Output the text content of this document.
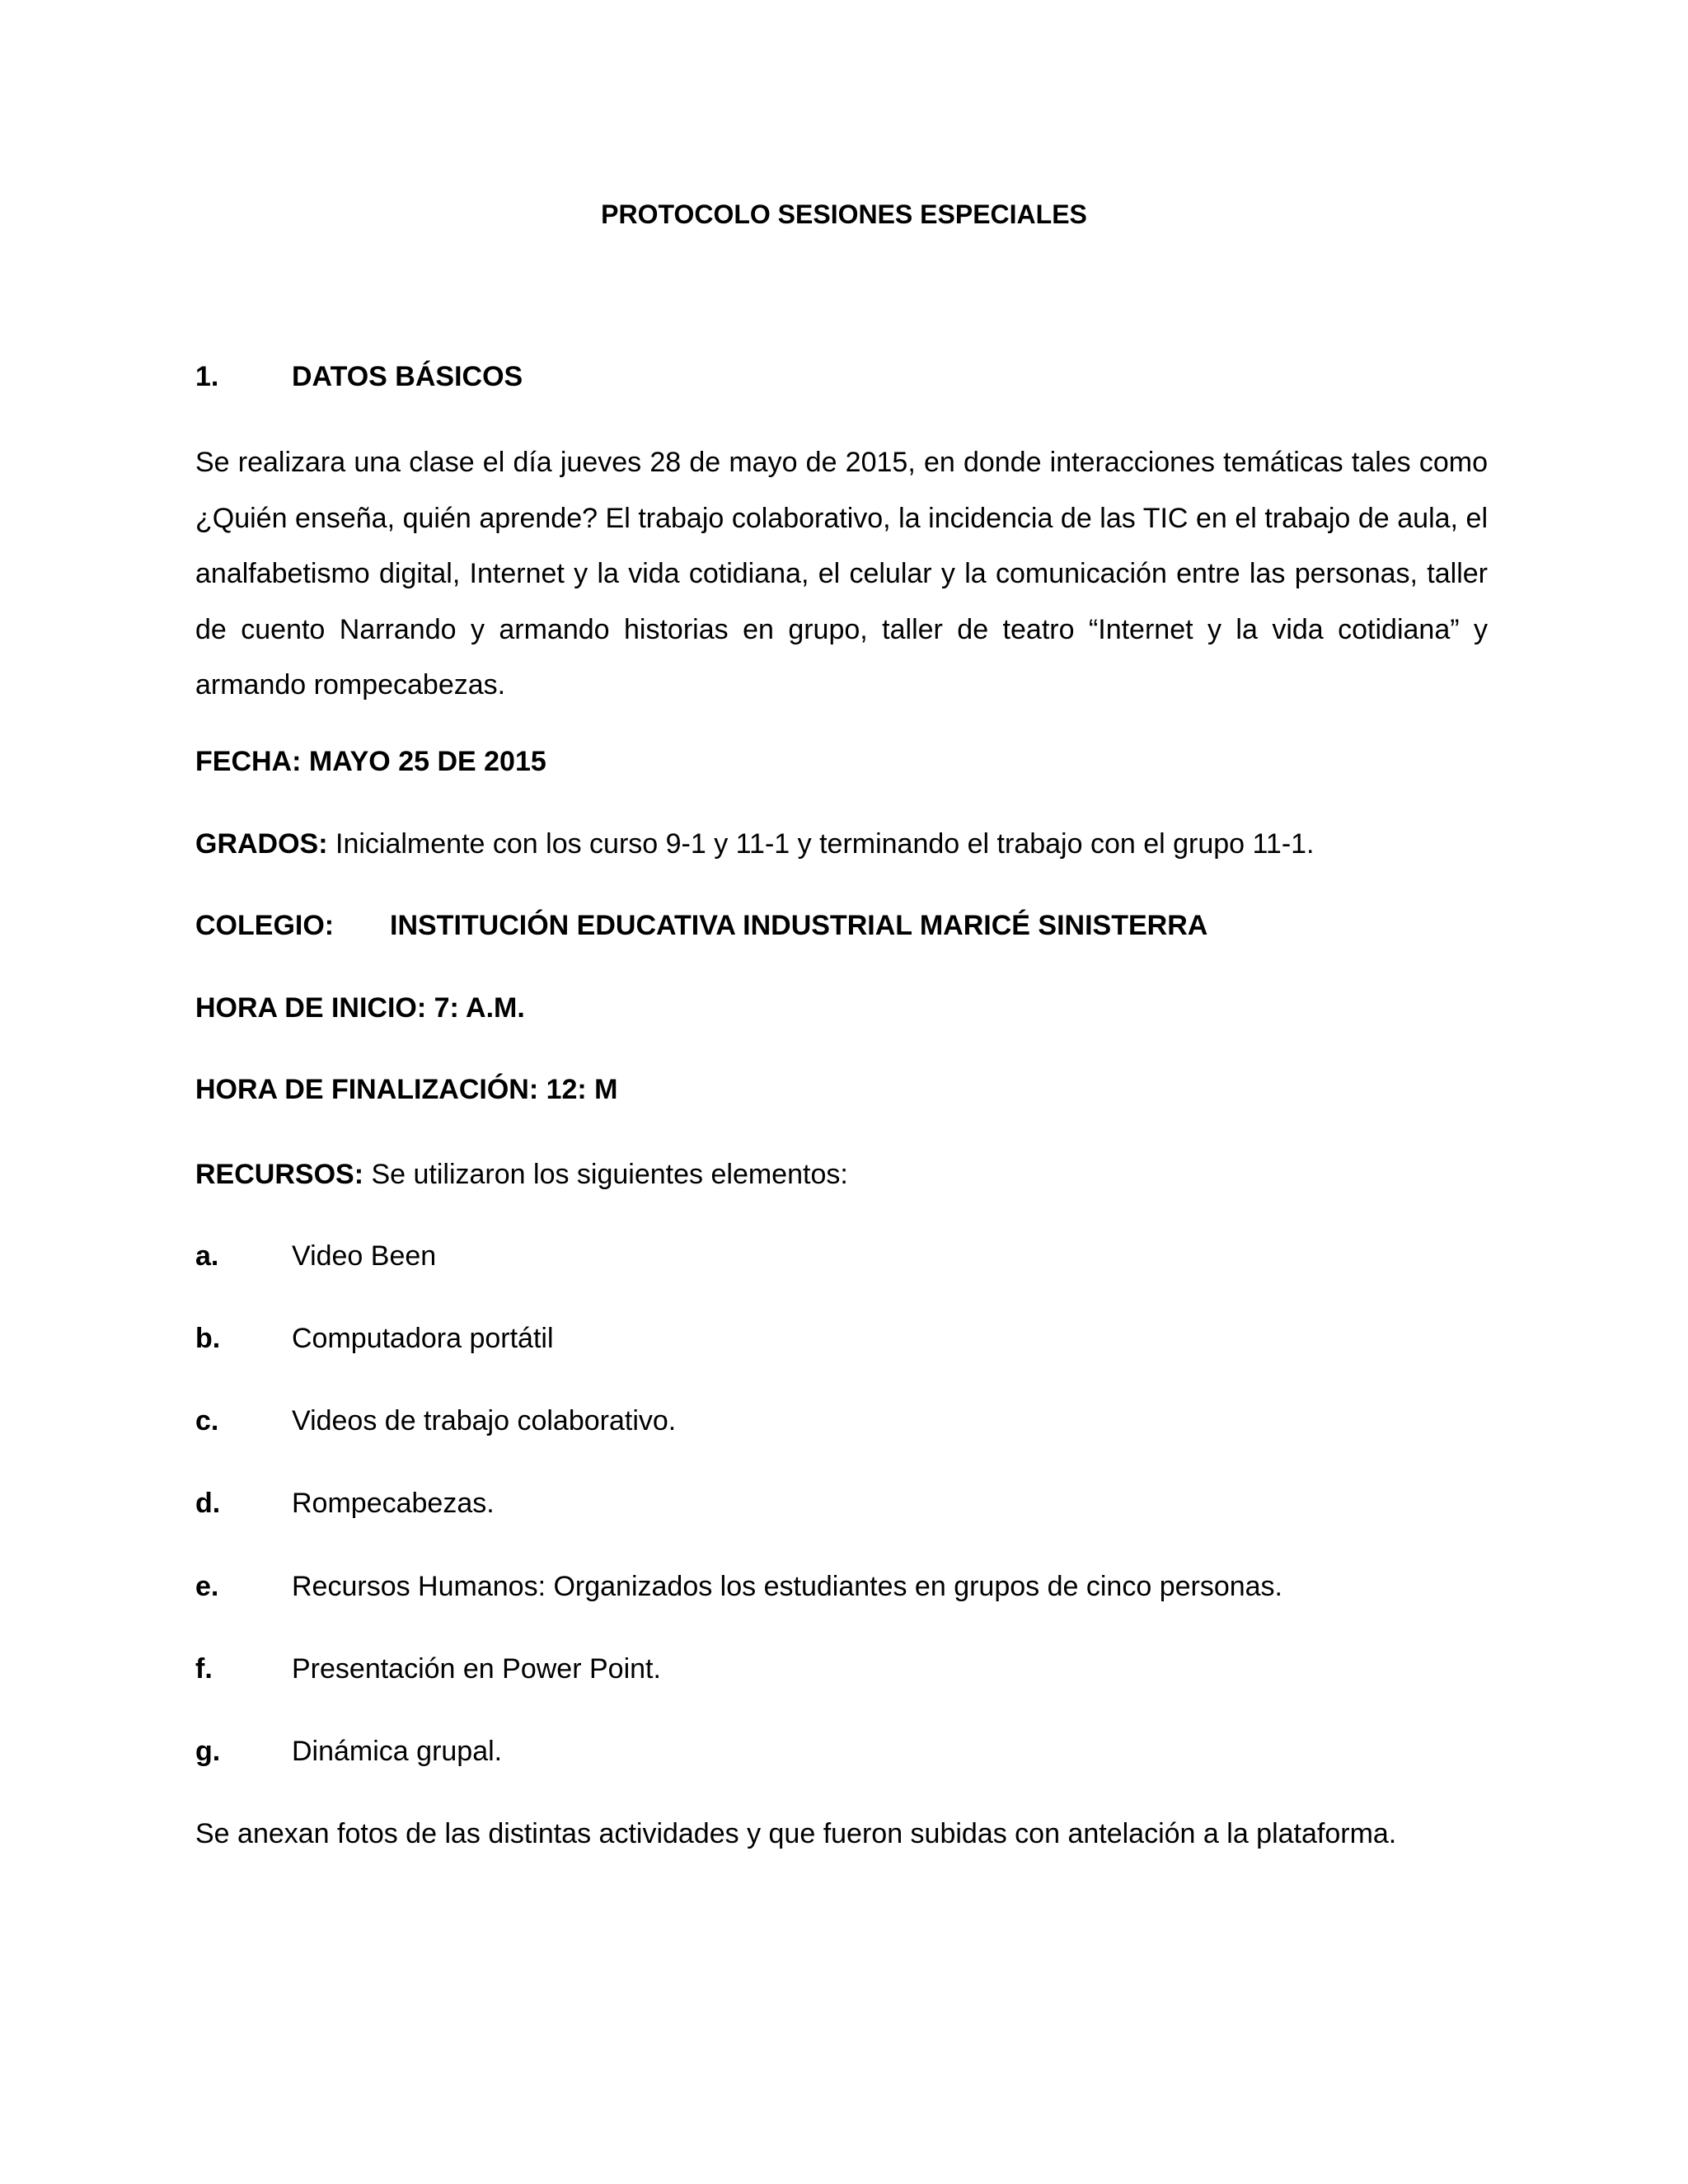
PROTOCOLO SESIONES ESPECIALES
1.	DATOS BÁSICOS

Se realizara una clase el día jueves 28 de mayo de 2015, en donde interacciones temáticas tales como ¿Quién enseña, quién aprende? El trabajo colaborativo, la incidencia de las TIC en el trabajo de aula, el analfabetismo digital, Internet y la vida cotidiana, el celular y la comunicación entre las personas, taller de cuento Narrando y armando historias en grupo, taller de teatro “Internet y la vida cotidiana” y armando rompecabezas.

FECHA: MAYO 25 DE 2015
GRADOS: Inicialmente con los curso 9-1 y 11-1 y terminando el trabajo con el grupo 11-1.
COLEGIO: INSTITUCIÓN EDUCATIVA INDUSTRIAL MARICÉ SINISTERRA
HORA DE INICIO: 7: A.M.
HORA DE FINALIZACIÓN: 12: M
RECURSOS: Se utilizaron los siguientes elementos:
a.	Video Been
b.	Computadora portátil
c.	Videos de trabajo colaborativo.
d.	Rompecabezas.
e.	Recursos Humanos: Organizados los estudiantes en grupos de cinco personas.
f.	Presentación en Power Point.
g.	Dinámica grupal.
Se anexan fotos de las distintas actividades y que fueron subidas con antelación a la plataforma.
